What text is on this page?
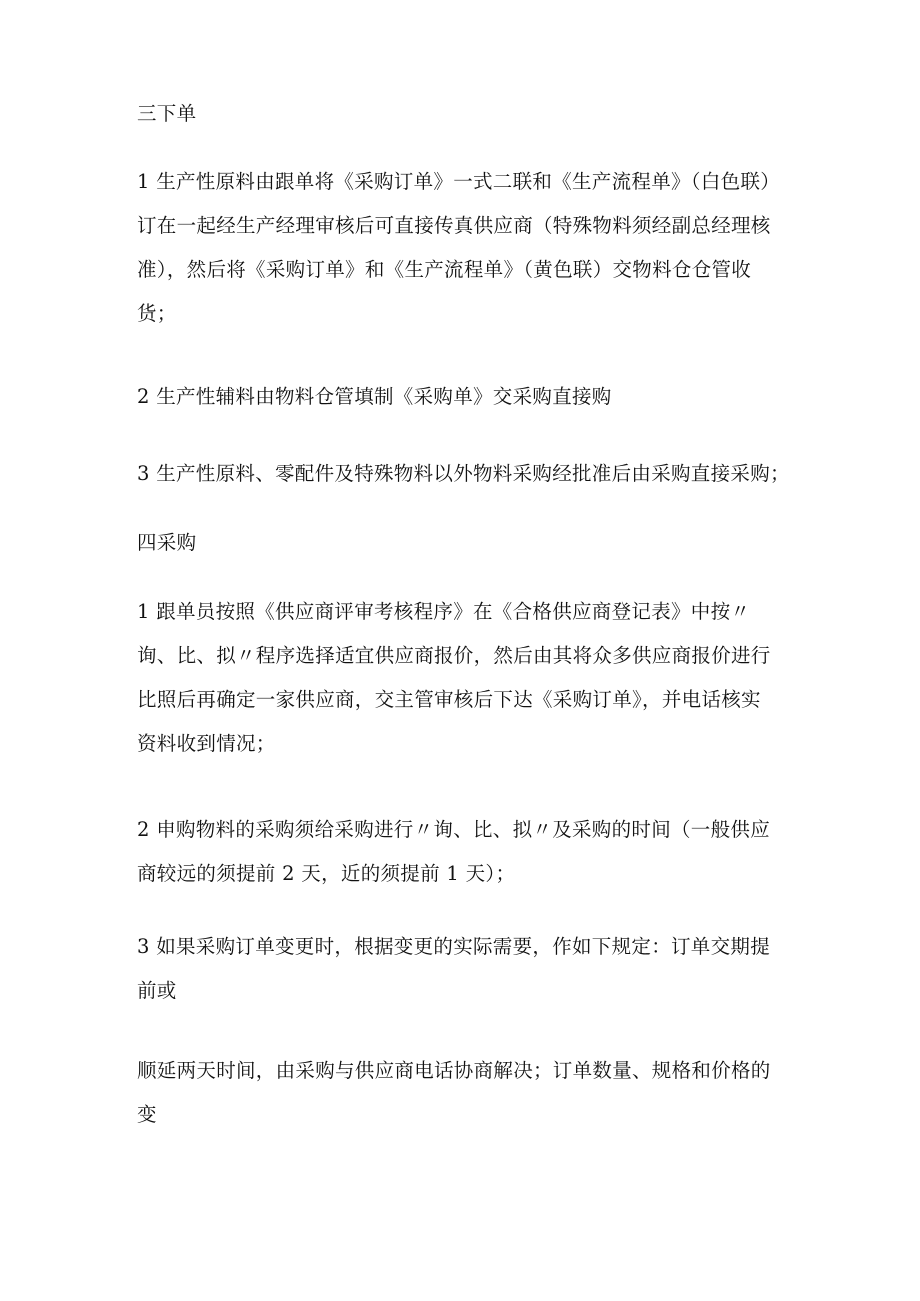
三下单

1 生产性原料由跟单将《采购订单》一式二联和《生产流程单》（白色联）
订在一起经生产经理审核后可直接传真供应商（特殊物料须经副总经理核
准），然后将《采购订单》和《生产流程单》（黄色联）交物料仓仓管收
货；

2 生产性辅料由物料仓管填制《采购单》交采购直接购

3 生产性原料、零配件及特殊物料以外物料采购经批准后由采购直接采购；

四采购

1 跟单员按照《供应商评审考核程序》在《合格供应商登记表》中按〃
询、比、拟〃程序选择适宜供应商报价，然后由其将众多供应商报价进行
比照后再确定一家供应商，交主管审核后下达《采购订单》，并电话核实
资料收到情况；

2 申购物料的采购须给采购进行〃询、比、拟〃及采购的时间（一般供应
商较远的须提前 2 天，近的须提前 1 天）；

3 如果采购订单变更时，根据变更的实际需要，作如下规定：订单交期提
前或

顺延两天时间，由采购与供应商电话协商解决；订单数量、规格和价格的
变
